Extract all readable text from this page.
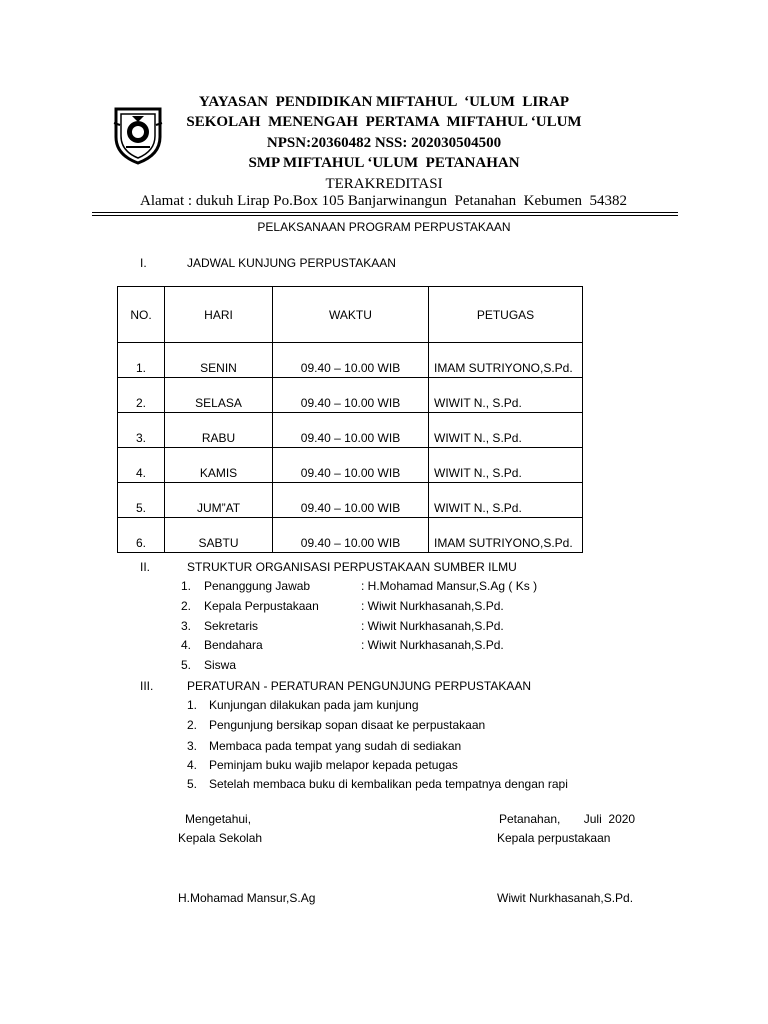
YAYASAN  PENDIDIKAN MIFTAHUL  ‘ULUM  LIRAP
SEKOLAH  MENENGAH  PERTAMA  MIFTAHUL ‘ULUM
NPSN:20360482 NSS: 202030504500
SMP MIFTAHUL ‘ULUM  PETANAHAN
TERAKREDITASI
Alamat : dukuh Lirap Po.Box 105 Banjarwinangun  Petanahan  Kebumen  54382
PELAKSANAAN PROGRAM PERPUSTAKAAN
I.	JADWAL KUNJUNG PERPUSTAKAAN
NO.	HARI	WAKTU	PETUGAS
1.	SENIN	09.40 – 10.00 WIB	IMAM SUTRIYONO,S.Pd.
2.	SELASA	09.40 – 10.00 WIB	WIWIT N., S.Pd.
3.	RABU	09.40 – 10.00 WIB	WIWIT N., S.Pd.
4.	KAMIS	09.40 – 10.00 WIB	WIWIT N., S.Pd.
5.	JUM”AT	09.40 – 10.00 WIB	WIWIT N., S.Pd.
6.	SABTU	09.40 – 10.00 WIB	IMAM SUTRIYONO,S.Pd.
II.	STRUKTUR ORGANISASI PERPUSTAKAAN SUMBER ILMU
1. Penanggung Jawab	: H.Mohamad Mansur,S.Ag ( Ks )
2. Kepala Perpustakaan	: Wiwit Nurkhasanah,S.Pd.
3. Sekretaris	: Wiwit Nurkhasanah,S.Pd.
4. Bendahara	: Wiwit Nurkhasanah,S.Pd.
5. Siswa
III.	PERATURAN - PERATURAN PENGUNJUNG PERPUSTAKAAN
1. Kunjungan dilakukan pada jam kunjung
2. Pengunjung bersikap sopan disaat ke perpustakaan
3. Membaca pada tempat yang sudah di sediakan
4. Peminjam buku wajib melapor kepada petugas
5. Setelah membaca buku di kembalikan peda tempatnya dengan rapi
Mengetahui,
Kepala Sekolah
H.Mohamad Mansur,S.Ag
Petanahan,       Juli  2020
Kepala perpustakaan
Wiwit Nurkhasanah,S.Pd.
